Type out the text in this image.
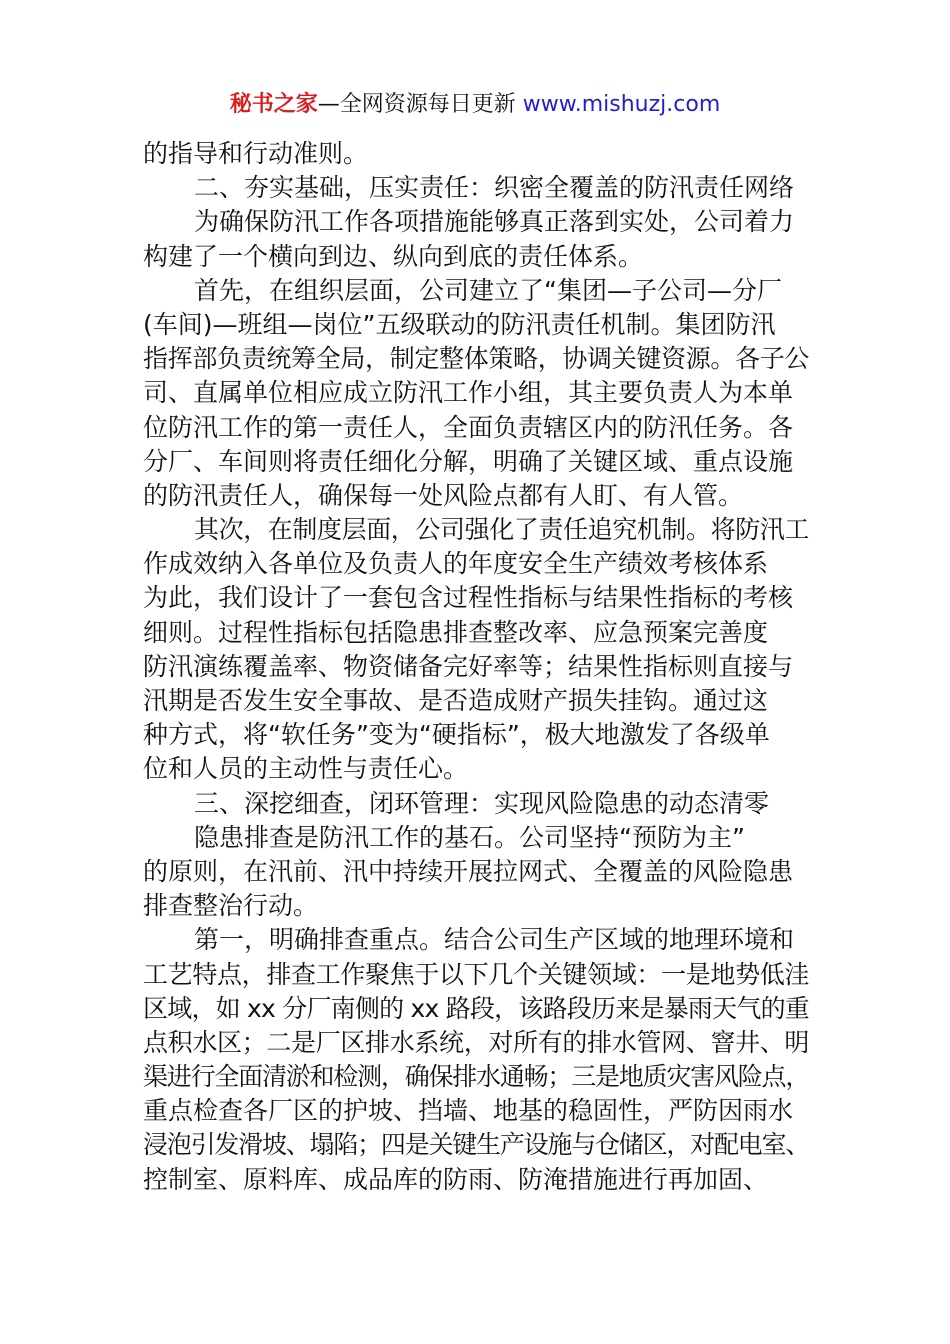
秘书之家—全网资源每日更新 www.mishuzj.com
的指导和行动准则。
二、夯实基础，压实责任：织密全覆盖的防汛责任网络
为确保防汛工作各项措施能够真正落到实处，公司着力
构建了一个横向到边、纵向到底的责任体系。
首先，在组织层面，公司建立了“集团—子公司—分厂
(车间)—班组—岗位”五级联动的防汛责任机制。集团防汛
指挥部负责统筹全局，制定整体策略，协调关键资源。各子公
司、直属单位相应成立防汛工作小组，其主要负责人为本单
位防汛工作的第一责任人，全面负责辖区内的防汛任务。各
分厂、车间则将责任细化分解，明确了关键区域、重点设施
的防汛责任人，确保每一处风险点都有人盯、有人管。
其次，在制度层面，公司强化了责任追究机制。将防汛工
作成效纳入各单位及负责人的年度安全生产绩效考核体系
为此，我们设计了一套包含过程性指标与结果性指标的考核
细则。过程性指标包括隐患排查整改率、应急预案完善度
防汛演练覆盖率、物资储备完好率等；结果性指标则直接与
汛期是否发生安全事故、是否造成财产损失挂钩。通过这
种方式，将“软任务”变为“硬指标”，极大地激发了各级单
位和人员的主动性与责任心。
三、深挖细查，闭环管理：实现风险隐患的动态清零
隐患排查是防汛工作的基石。公司坚持“预防为主”
的原则，在汛前、汛中持续开展拉网式、全覆盖的风险隐患
排查整治行动。
第一，明确排查重点。结合公司生产区域的地理环境和
工艺特点，排查工作聚焦于以下几个关键领域：一是地势低洼
区域，如 xx 分厂南侧的 xx 路段，该路段历来是暴雨天气的重
点积水区；二是厂区排水系统，对所有的排水管网、窨井、明
渠进行全面清淤和检测，确保排水通畅；三是地质灾害风险点，
重点检查各厂区的护坡、挡墙、地基的稳固性，严防因雨水
浸泡引发滑坡、塌陷；四是关键生产设施与仓储区，对配电室、
控制室、原料库、成品库的防雨、防淹措施进行再加固、
